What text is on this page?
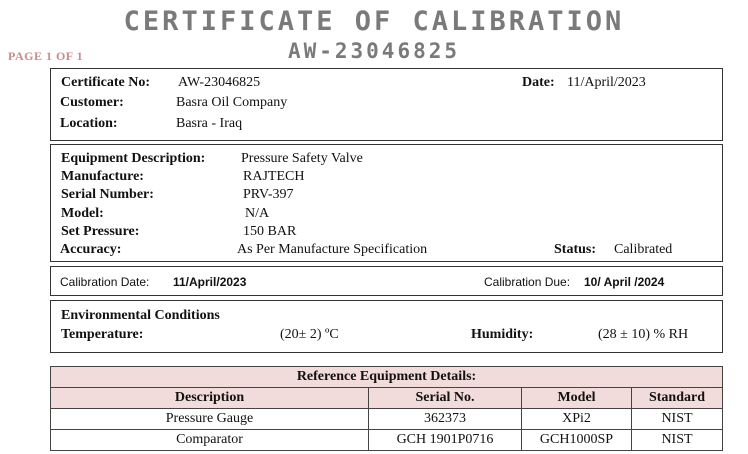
CERTIFICATE OF CALIBRATION
AW-23046825
PAGE 1 OF 1
Certificate No: AW-23046825	Date: 11/April/2023
Customer:	Basra Oil Company
Location:	Basra - Iraq
Equipment Description:	Pressure Safety Valve
Manufacture:	RAJTECH
Serial Number:	PRV-397
Model:	N/A
Set Pressure:	150 BAR
Accuracy:	As Per Manufacture Specification	Status: Calibrated
Calibration Date: 11/April/2023	Calibration Due: 10/ April /2024
Environmental Conditions
Temperature:	(20± 2) ºC	Humidity:	(28 ± 10) % RH
Reference Equipment Details:			
Description	Serial No.	Model	Standard
Pressure Gauge	362373	XPi2	NIST
Comparator	GCH 1901P0716	GCH1000SP	NIST
